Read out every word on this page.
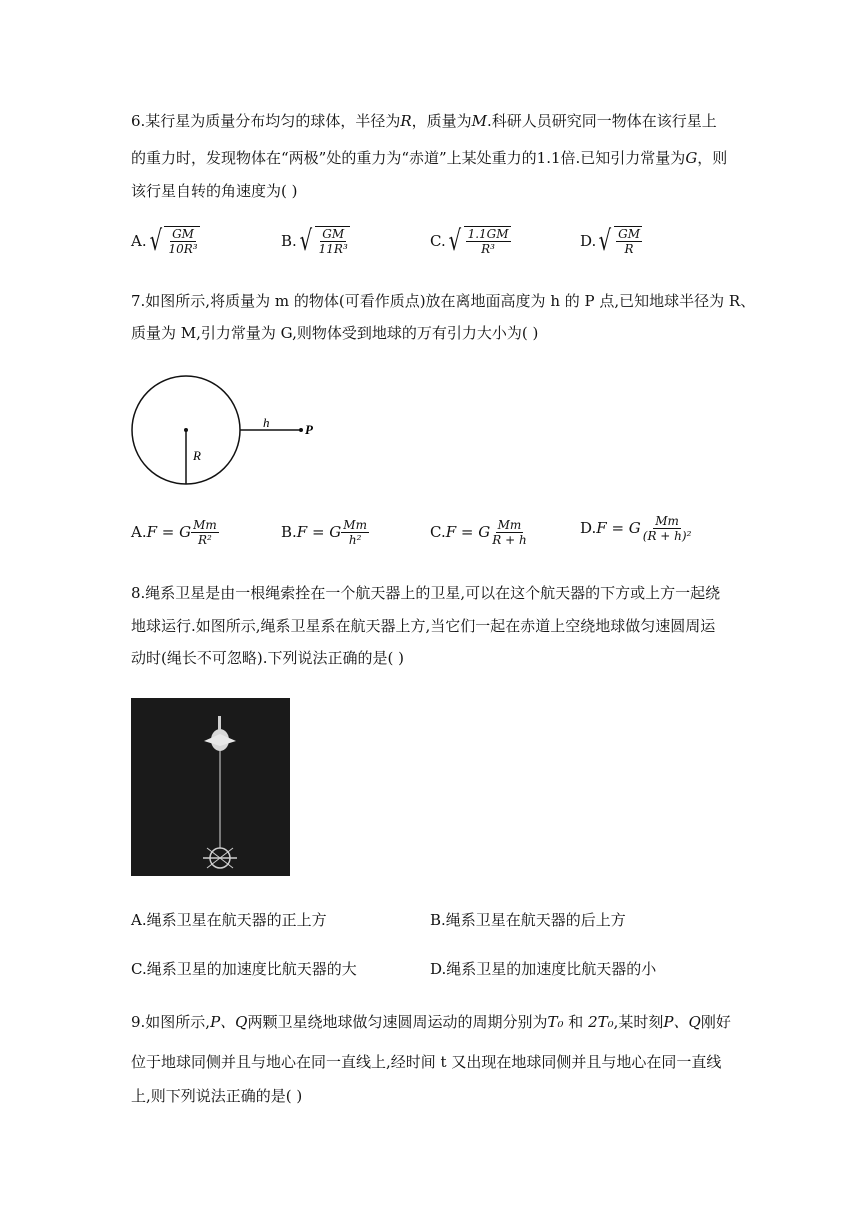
6.某行星为质量分布均匀的球体，半径为R，质量为M.科研人员研究同一物体在该行星上
的重力时，发现物体在“两极”处的重力为“赤道”上某处重力的1.1倍.已知引力常量为G，则
该行星自转的角速度为( )
A. √ $\frac{GM}{\text{10R³}}$	B. √ $\frac{GM}{\text{11R³}}$	C. √ $\frac{1.1GM}{\text{R³}}$	D. √ $\frac{GM}{R}$
7.如图所示,将质量为 m 的物体(可看作质点)放在离地面高度为 h 的 P 点,已知地球半径为 R、
质量为 M,引力常量为 G,则物体受到地球的万有引力大小为( )
h	P
R
A. F = G $\frac{Mm}{\text{R²}}$	B. F = G $\frac{Mm}{\text{h²}}$	C. F = G $\frac{Mm}{R + h}$	D. F = G $\frac{Mm}{\text{(R + h)²}}$
8.绳系卫星是由一根绳索拴在一个航天器上的卫星,可以在这个航天器的下方或上方一起绕
地球运行.如图所示,绳系卫星系在航天器上方,当它们一起在赤道上空绕地球做匀速圆周运
动时(绳长不可忽略).下列说法正确的是( )
A.绳系卫星在航天器的正上方	B.绳系卫星在航天器的后上方
C.绳系卫星的加速度比航天器的大	D.绳系卫星的加速度比航天器的小
9.如图所示,P、Q两颗卫星绕地球做匀速圆周运动的周期分别为T₀ 和 2T₀,某时刻P、Q刚好
位于地球同侧并且与地心在同一直线上,经时间 t 又出现在地球同侧并且与地心在同一直线
上,则下列说法正确的是( )
